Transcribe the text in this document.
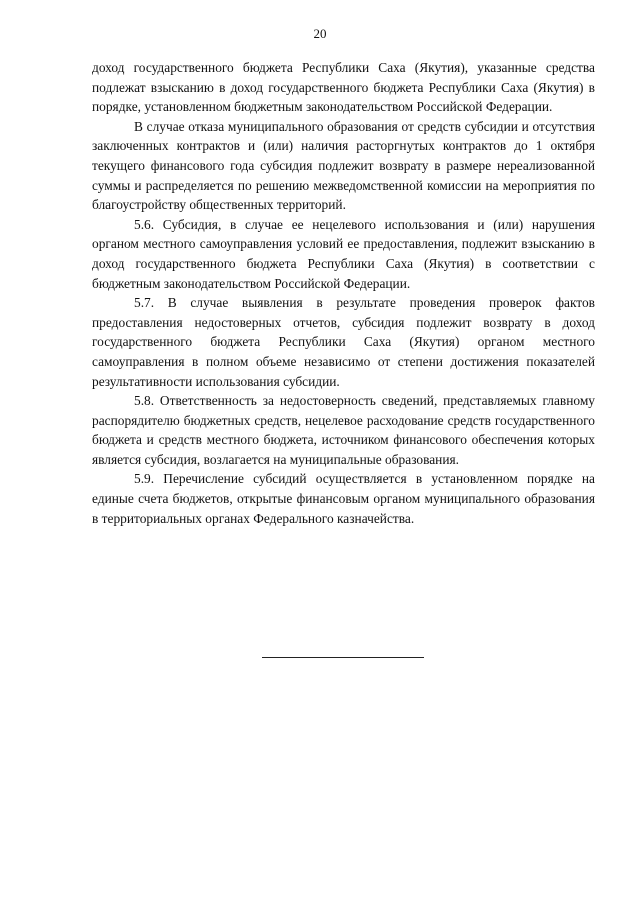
20

доход государственного бюджета Республики Саха (Якутия), указанные средства подлежат взысканию в доход государственного бюджета Республики Саха (Якутия) в порядке, установленном бюджетным законодательством Российской Федерации.

В случае отказа муниципального образования от средств субсидии и отсутствия заключенных контрактов и (или) наличия расторгнутых контрактов до 1 октября текущего финансового года субсидия подлежит возврату в размере нереализованной суммы и распределяется по решению межведомственной комиссии на мероприятия по благоустройству общественных территорий.

5.6. Субсидия, в случае ее нецелевого использования и (или) нарушения органом местного самоуправления условий ее предоставления, подлежит взысканию в доход государственного бюджета Республики Саха (Якутия) в соответствии с бюджетным законодательством Российской Федерации.

5.7. В случае выявления в результате проведения проверок фактов предоставления недостоверных отчетов, субсидия подлежит возврату в доход государственного бюджета Республики Саха (Якутия) органом местного самоуправления в полном объеме независимо от степени достижения показателей результативности использования субсидии.

5.8. Ответственность за недостоверность сведений, представляемых главному распорядителю бюджетных средств, нецелевое расходование средств государственного бюджета и средств местного бюджета, источником финансового обеспечения которых является субсидия, возлагается на муниципальные образования.

5.9. Перечисление субсидий осуществляется в установленном порядке на единые счета бюджетов, открытые финансовым органом муниципального образования в территориальных органах Федерального казначейства.
